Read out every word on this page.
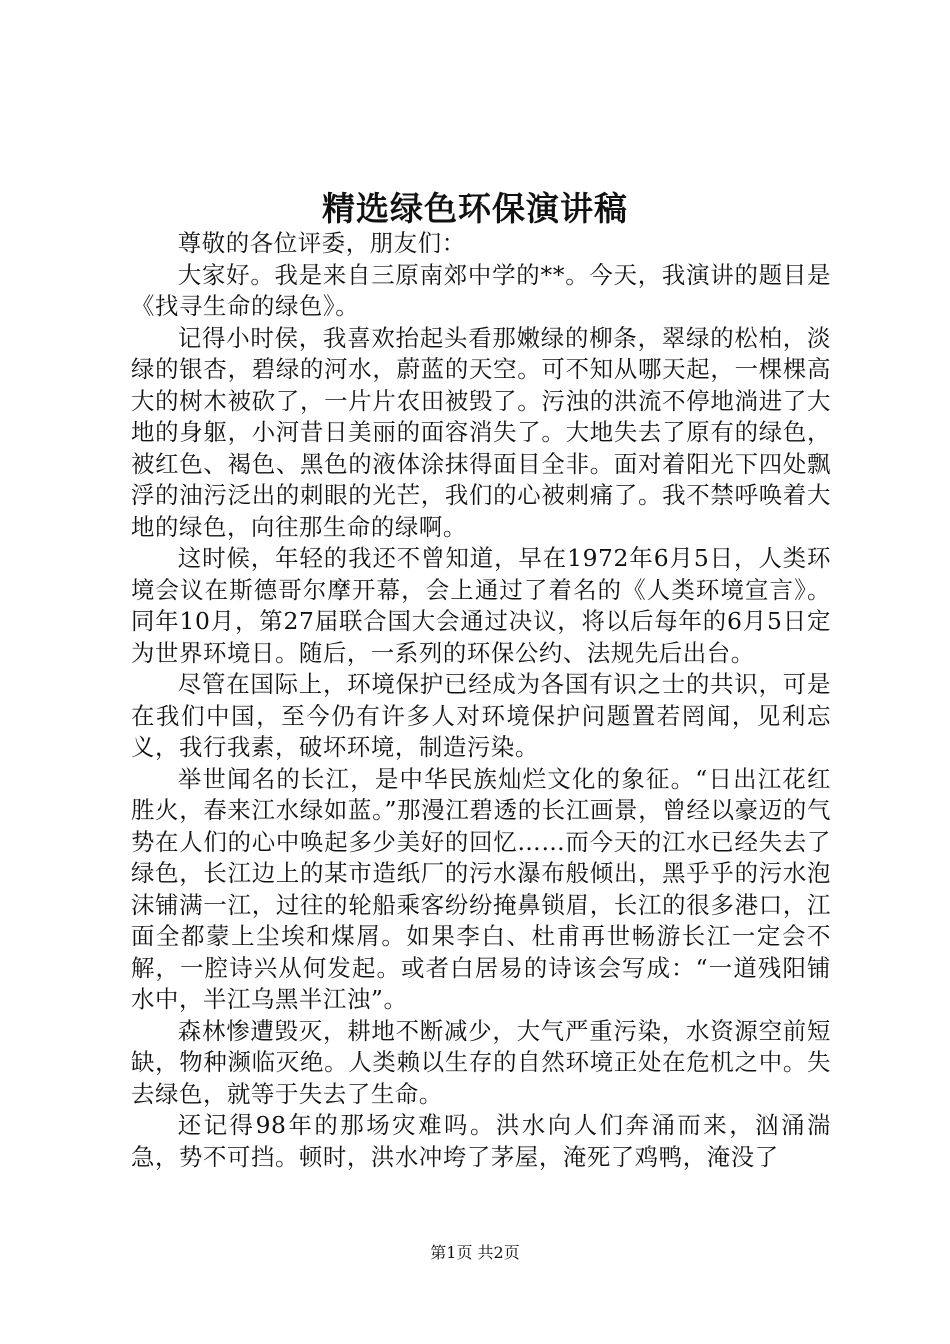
精选绿色环保演讲稿

尊敬的各位评委，朋友们：

大家好。我是来自三原南郊中学的**。今天，我演讲的题目是《找寻生命的绿色》。

记得小时侯，我喜欢抬起头看那嫩绿的柳条，翠绿的松柏，淡绿的银杏，碧绿的河水，蔚蓝的天空。可不知从哪天起，一棵棵高大的树木被砍了，一片片农田被毁了。污浊的洪流不停地淌进了大地的身躯，小河昔日美丽的面容消失了。大地失去了原有的绿色，被红色、褐色、黑色的液体涂抹得面目全非。面对着阳光下四处飘浮的油污泛出的刺眼的光芒，我们的心被刺痛了。我不禁呼唤着大地的绿色，向往那生命的绿啊。

这时候，年轻的我还不曾知道，早在1972年6月5日，人类环境会议在斯德哥尔摩开幕，会上通过了着名的《人类环境宣言》。同年10月，第27届联合国大会通过决议，将以后每年的6月5日定为世界环境日。随后，一系列的环保公约、法规先后出台。

尽管在国际上，环境保护已经成为各国有识之士的共识，可是在我们中国，至今仍有许多人对环境保护问题置若罔闻，见利忘义，我行我素，破坏环境，制造污染。

举世闻名的长江，是中华民族灿烂文化的象征。“日出江花红胜火，春来江水绿如蓝。”那漫江碧透的长江画景，曾经以豪迈的气势在人们的心中唤起多少美好的回忆……而今天的江水已经失去了绿色，长江边上的某市造纸厂的污水瀑布般倾出，黑乎乎的污水泡沫铺满一江，过往的轮船乘客纷纷掩鼻锁眉，长江的很多港口，江面全都蒙上尘埃和煤屑。如果李白、杜甫再世畅游长江一定会不解，一腔诗兴从何发起。或者白居易的诗该会写成：“一道残阳铺水中，半江乌黑半江浊”。

森林惨遭毁灭，耕地不断减少，大气严重污染，水资源空前短缺，物种濒临灭绝。人类赖以生存的自然环境正处在危机之中。失去绿色，就等于失去了生命。

还记得98年的那场灾难吗。洪水向人们奔涌而来，汹涌湍急，势不可挡。顿时，洪水冲垮了茅屋，淹死了鸡鸭，淹没了

第1页 共2页
